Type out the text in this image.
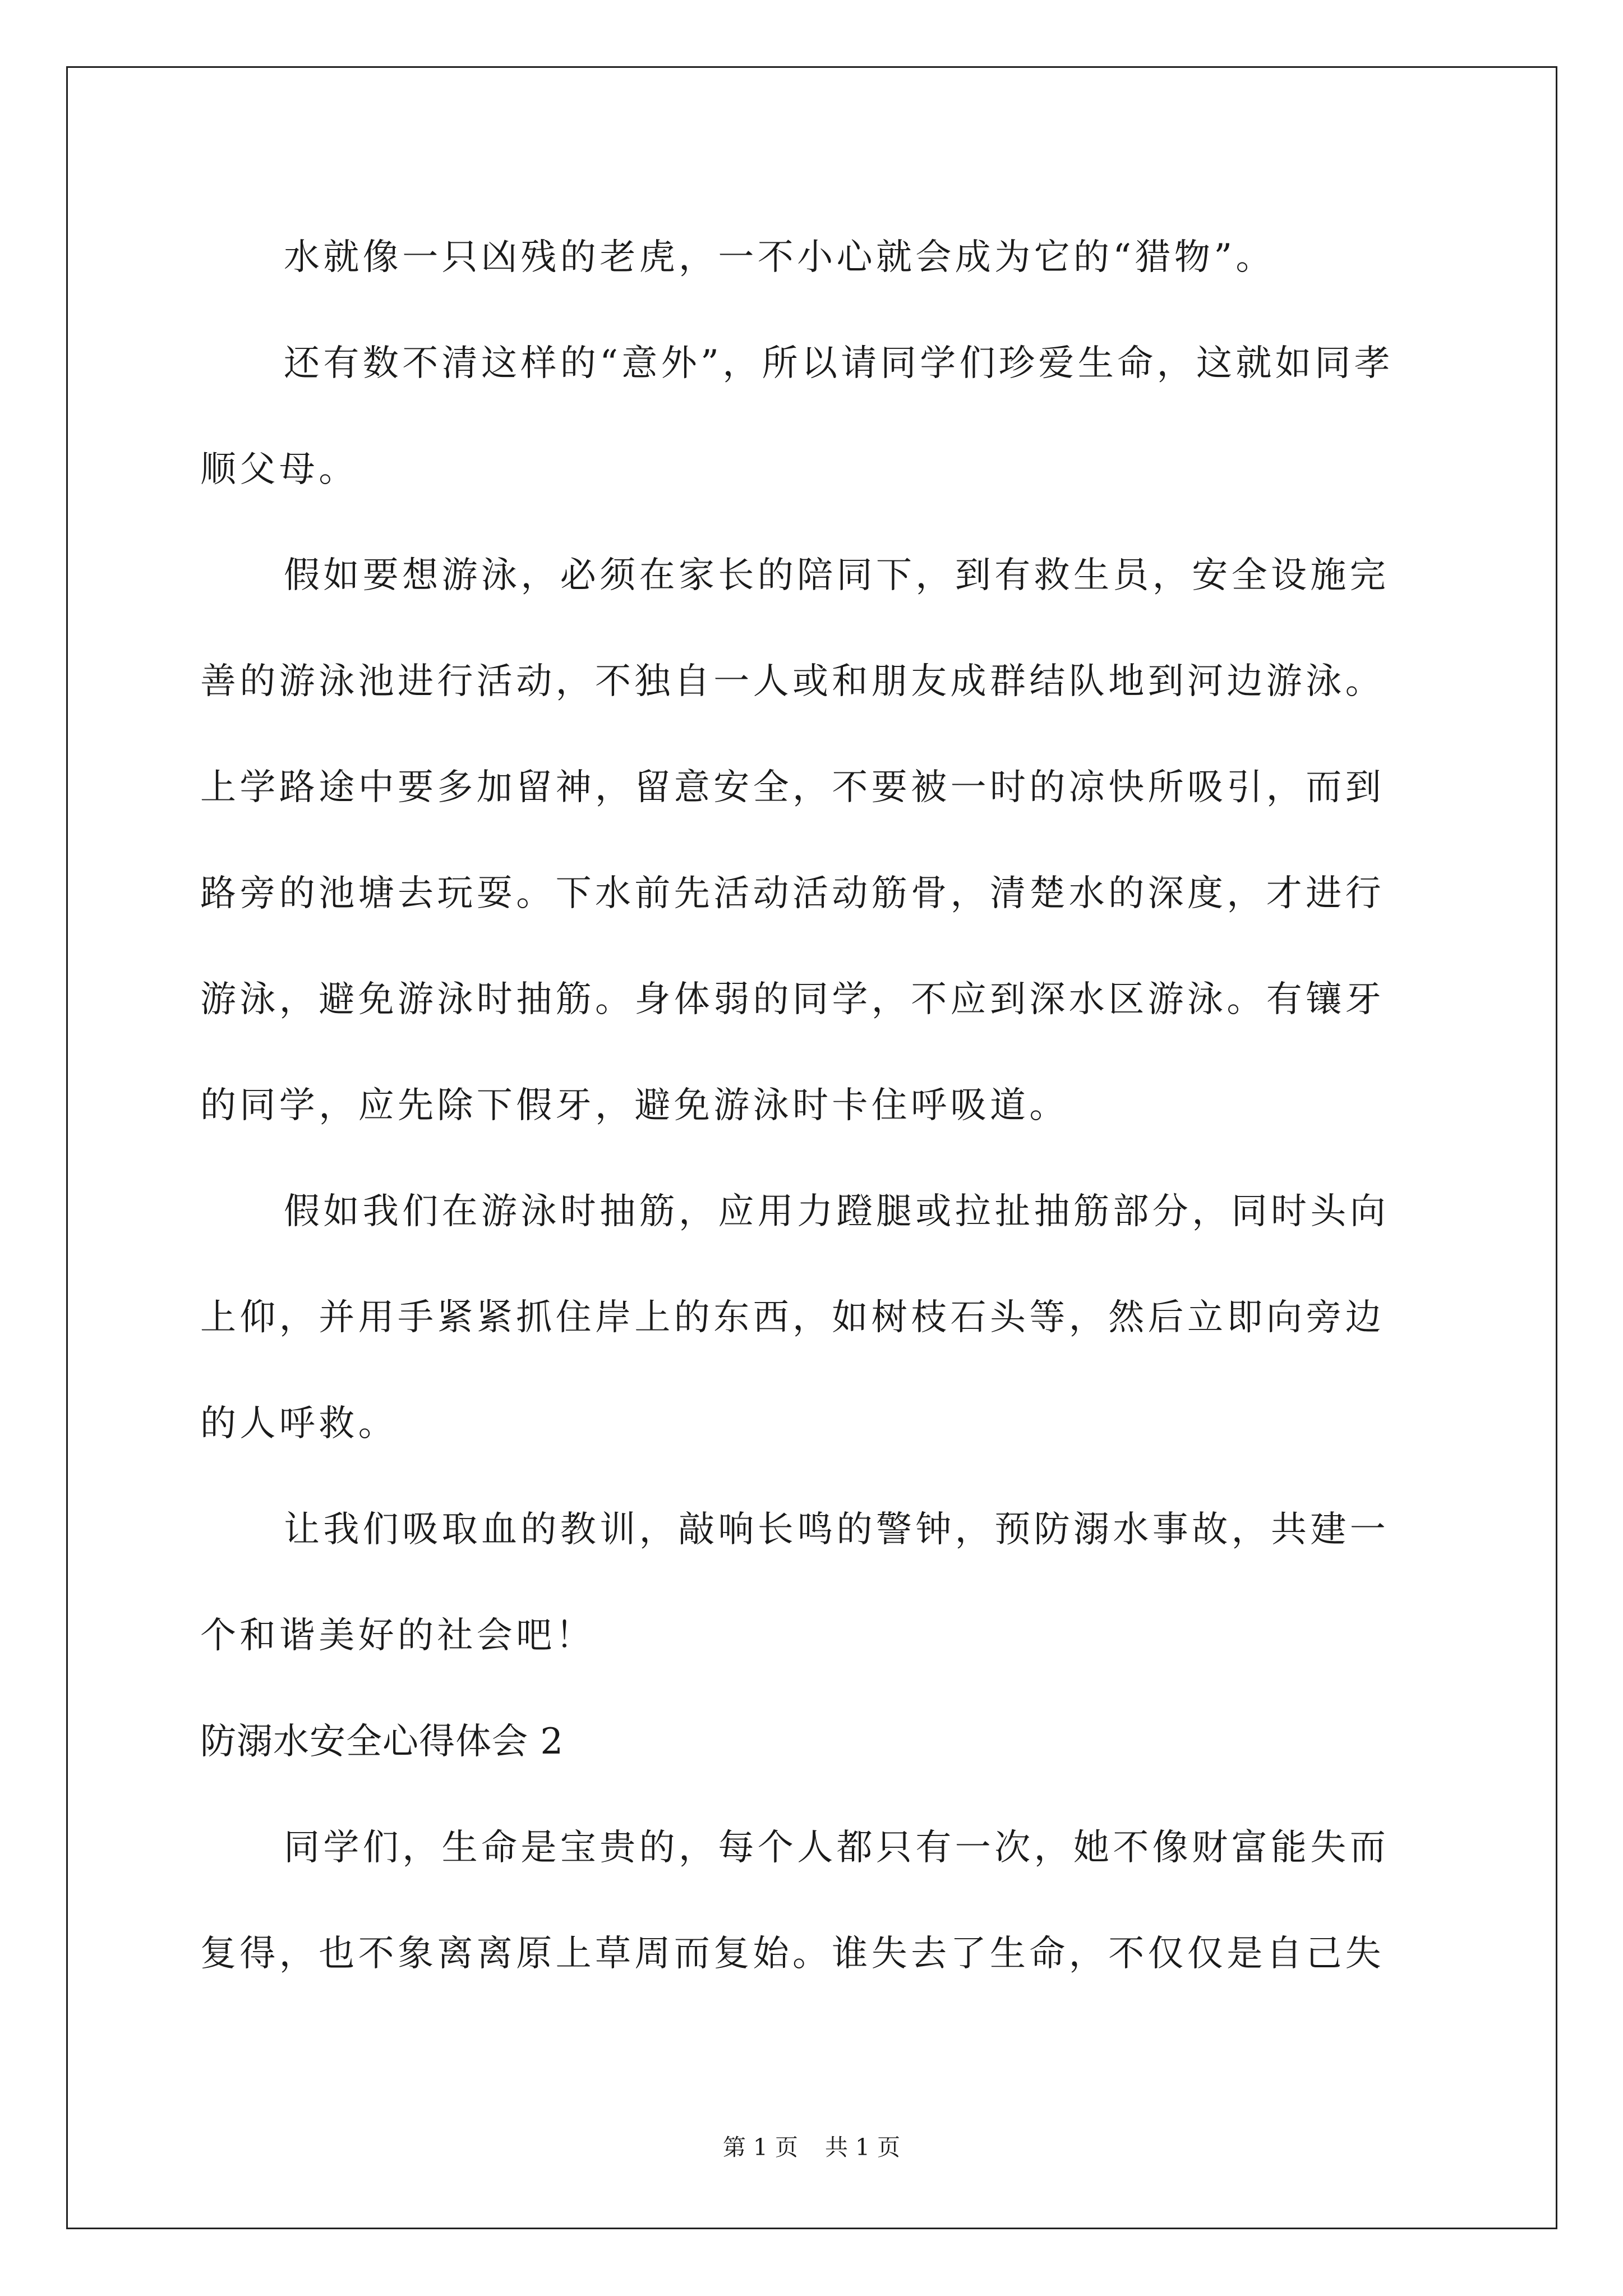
水就像一只凶残的老虎，一不小心就会成为它的“猎物”。
还有数不清这样的“意外”，所以请同学们珍爱生命，这就如同孝
顺父母。
假如要想游泳，必须在家长的陪同下，到有救生员，安全设施完
善的游泳池进行活动，不独自一人或和朋友成群结队地到河边游泳。
上学路途中要多加留神，留意安全，不要被一时的凉快所吸引，而到
路旁的池塘去玩耍。下水前先活动活动筋骨，清楚水的深度，才进行
游泳，避免游泳时抽筋。身体弱的同学，不应到深水区游泳。有镶牙
的同学，应先除下假牙，避免游泳时卡住呼吸道。
假如我们在游泳时抽筋，应用力蹬腿或拉扯抽筋部分，同时头向
上仰，并用手紧紧抓住岸上的东西，如树枝石头等，然后立即向旁边
的人呼救。
让我们吸取血的教训，敲响长鸣的警钟，预防溺水事故，共建一
个和谐美好的社会吧！
防溺水安全心得体会 2
同学们，生命是宝贵的，每个人都只有一次，她不像财富能失而
复得，也不象离离原上草周而复始。谁失去了生命，不仅仅是自己失
第 1 页 共 1 页
